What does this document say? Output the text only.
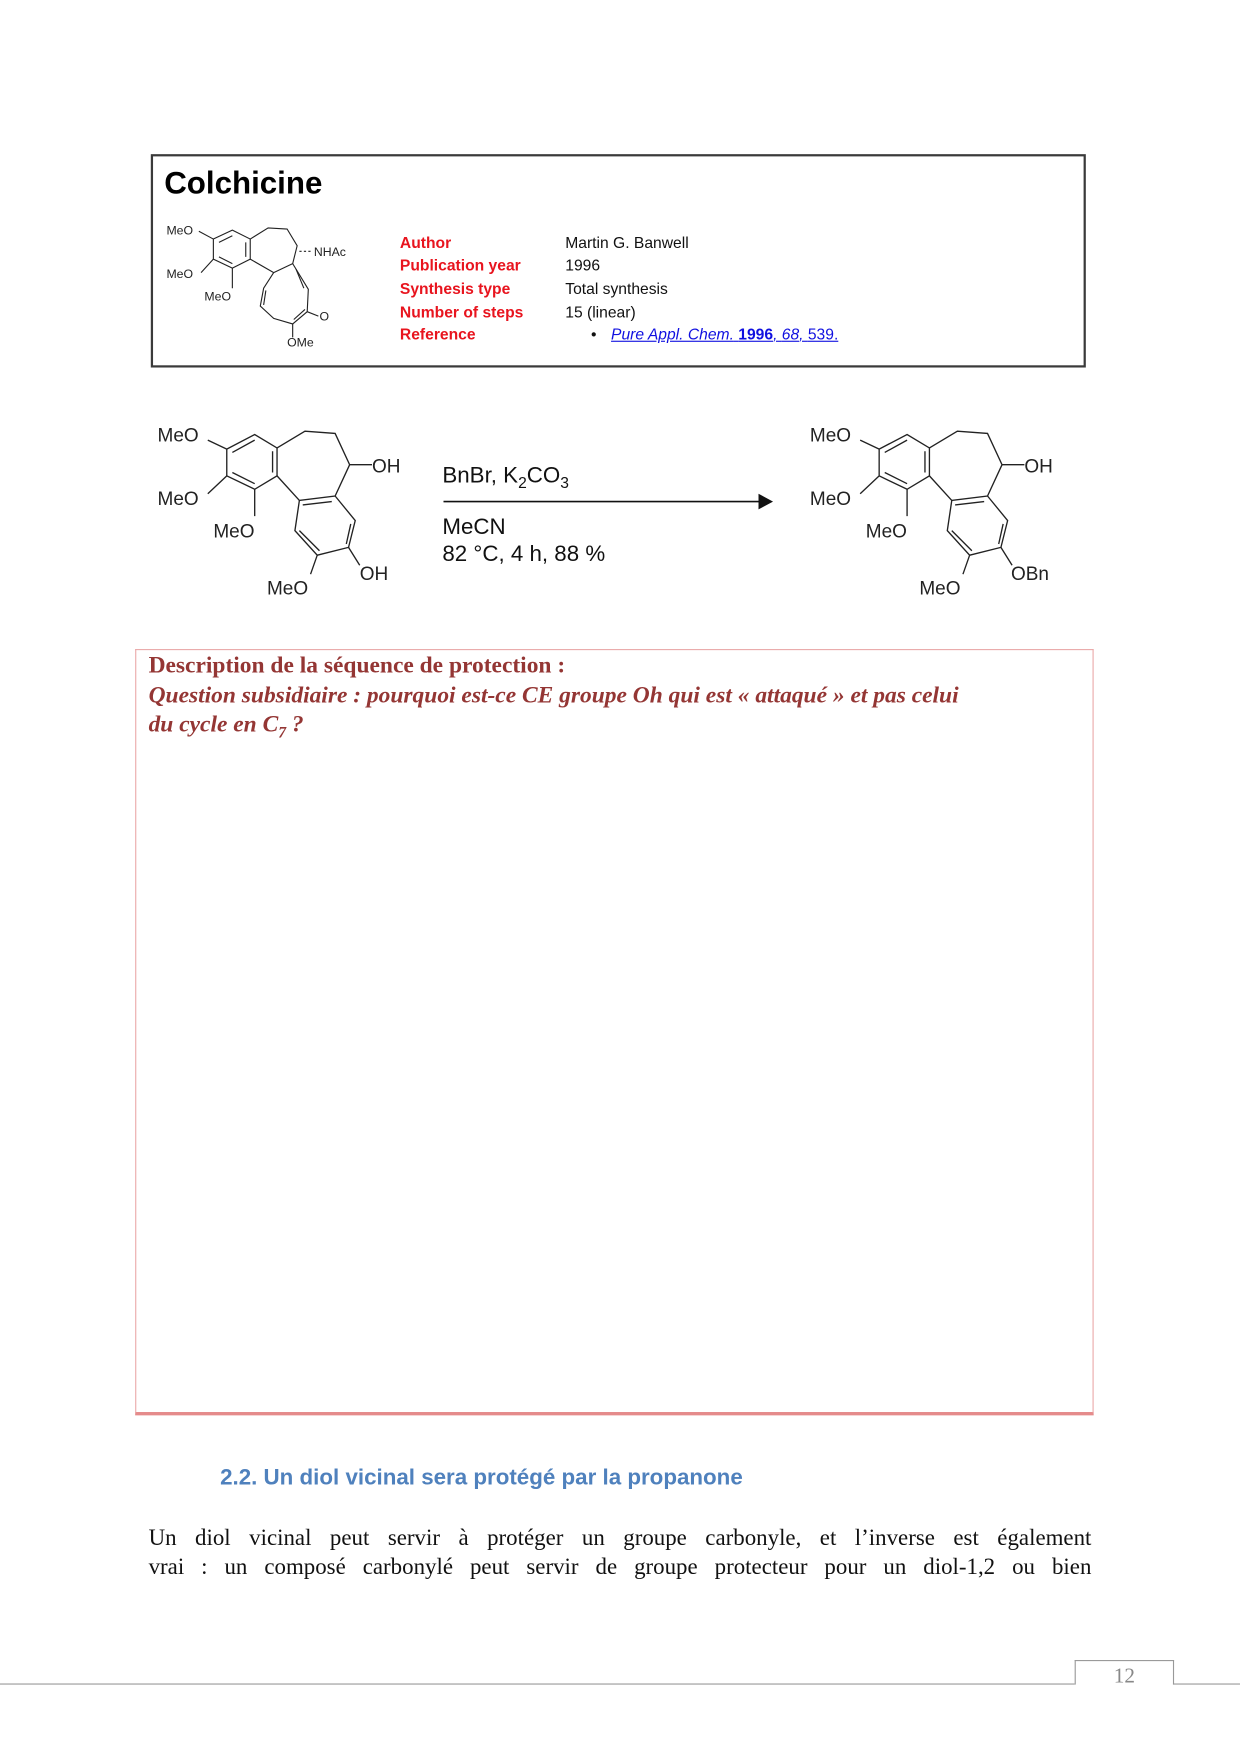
Colchicine
Author	Martin G. Banwell
Publication year	1996
Synthesis type	Total synthesis
Number of steps	15 (linear)
Reference	• Pure Appl. Chem. 1996, 68, 539.
MeO
MeO
MeO
NHAc
O
OMe
MeO
MeO
MeO
MeO
OH
OH
BnBr, $K_2CO_3$
MeCN
82 °C, 4 h, 88 %
MeO
MeO
MeO
MeO
OH
OBn
Description de la séquence de protection :
Question subsidiaire : pourquoi est-ce CE groupe Oh qui est « attaqué » et pas celui
du cycle en $C_7$ ?
2.2. Un diol vicinal sera protégé par la propanone
Un diol vicinal peut servir à protéger un groupe carbonyle, et l’inverse est également
vrai : un composé carbonylé peut servir de groupe protecteur pour un diol-1,2 ou bien
12
